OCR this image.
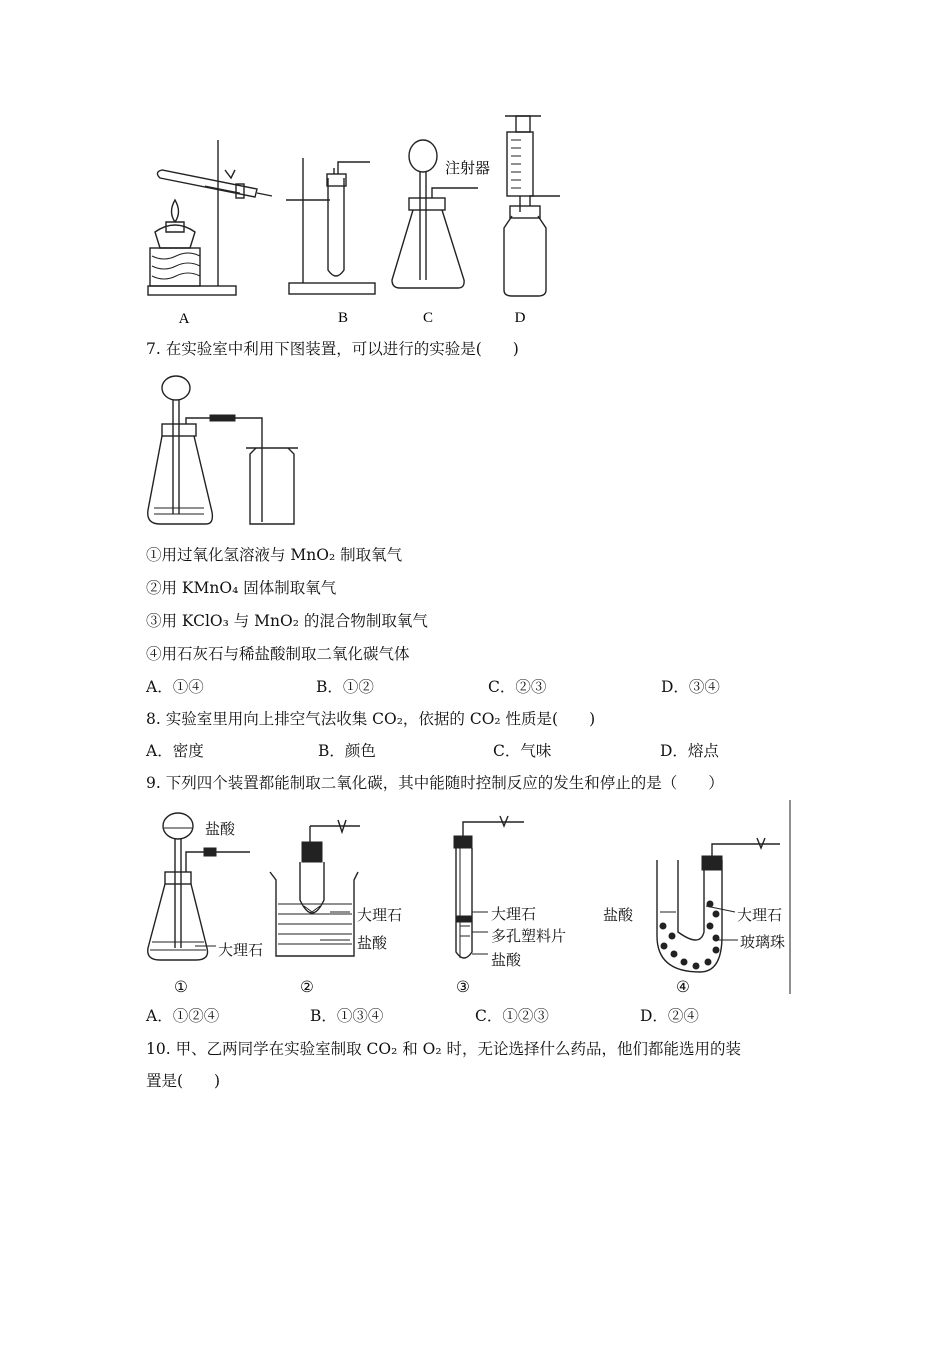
A	B	C	D
注射器
7. 在实验室中利用下图装置，可以进行的实验是(　　)
①用过氧化氢溶液与 MnO₂ 制取氧气
②用 KMnO₄ 固体制取氧气
③用 KClO₃ 与 MnO₂ 的混合物制取氧气
④用石灰石与稀盐酸制取二氧化碳气体
A．①④	B．①②	C．②③	D．③④
8. 实验室里用向上排空气法收集 CO₂，依据的 CO₂ 性质是(　　)
A．密度	B．颜色	C．气味	D．熔点
9. 下列四个装置都能制取二氧化碳，其中能随时控制反应的发生和停止的是（　　）
盐酸
大理石
大理石
盐酸
大理石
多孔塑料片
盐酸
盐酸	大理石
玻璃珠
①	②	③	④
A．①②④	B．①③④	C．①②③	D．②④
10. 甲、乙两同学在实验室制取 CO₂ 和 O₂ 时，无论选择什么药品，他们都能选用的装
置是(　　)
